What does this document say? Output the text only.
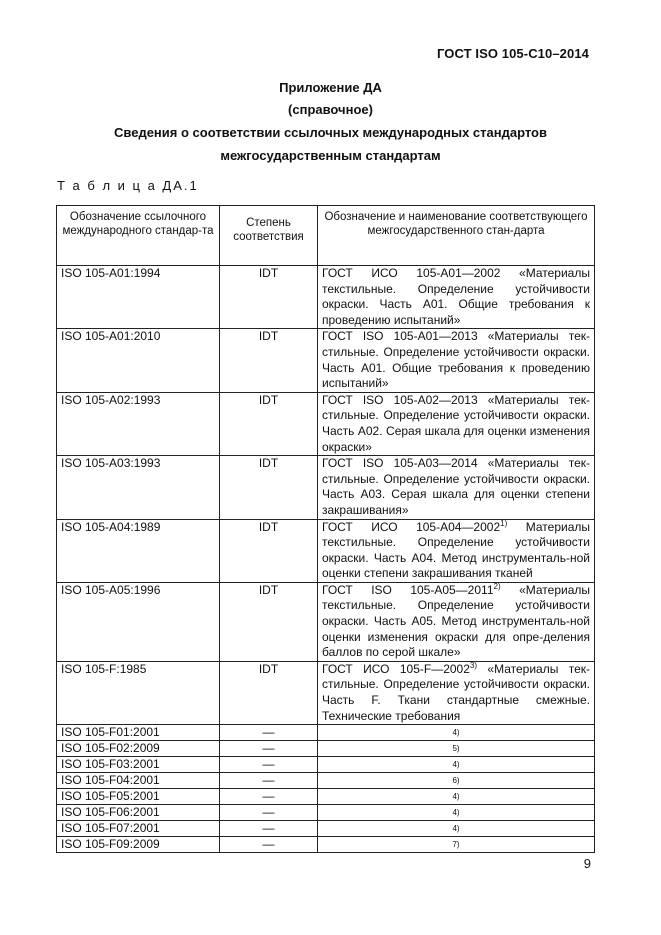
ГОСТ ISO 105-C10–2014
Приложение ДА
(справочное)
Сведения о соответствии ссылочных международных стандартов
межгосударственным стандартам
Т а б л и ц а ДА.1
Обозначение ссылочного международного стандар-та	Степень соответствия	Обозначение и наименование соответствующего межгосударственного стан-дарта
ISO 105-A01:1994	IDT	ГОСТ ИСО 105-А01—2002 «Материалы текстильные. Определение устойчивости окраски. Часть А01. Общие требования к проведению испытаний»
ISO 105-A01:2010	IDT	ГОСТ ISO 105-A01—2013 «Материалы тек-стильные. Определение устойчивости окраски. Часть А01. Общие требования к проведению испытаний»
ISO 105-A02:1993	IDT	ГОСТ ISO 105-A02—2013 «Материалы тек-стильные. Определение устойчивости окраски. Часть А02. Серая шкала для оценки изменения окраски»
ISO 105-A03:1993	IDT	ГОСТ ISO 105-A03—2014 «Материалы тек-стильные. Определение устойчивости окраски. Часть А03. Серая шкала для оценки степени закрашивания»
ISO 105-A04:1989	IDT	ГОСТ ИСО 105-А04—2002$^{1)}$ Материалы текстильные. Определение устойчивости окраски. Часть А04. Метод инструменталь-ной оценки степени закрашивания тканей
ISO 105-A05:1996	IDT	ГОСТ ISO 105-A05—2011$^{2)}$ «Материалы текстильные. Определение устойчивости окраски. Часть А05. Метод инструменталь-ной оценки изменения окраски для опре-деления баллов по серой шкале»
ISO 105-F:1985	IDT	ГОСТ ИСО 105-F—2002$^{3)}$ «Материалы тек-стильные. Определение устойчивости окраски. Часть F. Ткани стандартные смежные. Технические требования
ISO 105-F01:2001	—	4)
ISO 105-F02:2009	—	5)
ISO 105-F03:2001	—	4)
ISO 105-F04:2001	—	6)
ISO 105-F05:2001	—	4)
ISO 105-F06:2001	—	4)
ISO 105-F07:2001	—	4)
ISO 105-F09:2009	—	7)
9
